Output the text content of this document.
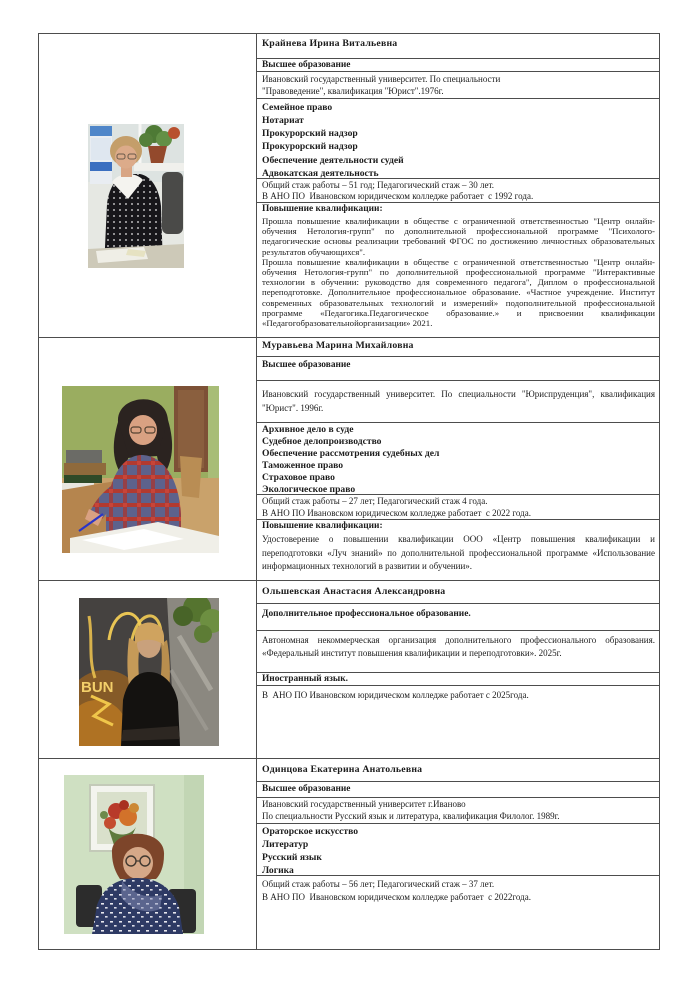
Крайнева Ирина Витальевна
Высшее образование
Ивановский государственный университет. По специальности
"Правоведение", квалификация "Юрист".1976г.
Семейное право
Нотариат
Прокурорский надзор
Прокурорский надзор
Обеспечение деятельности судей
Адвокатская деятельность
Общий стаж работы – 51 год; Педагогический стаж – 30 лет.
В АНО ПО  Ивановском юридическом колледже работает  с 1992 года.
Повышение квалификации:

Прошла повышение квалификации в обществе с ограниченной ответственностью "Центр онлайн-обучения Нетология-групп" по дополнительной профессиональной программе "Психолого-педагогические основы реализации требований ФГОС по достижению личностных образовательных результатов обучающихся".

Прошла повышение квалификации в обществе с ограниченной ответственностью "Центр онлайн-обучения Нетология-групп" по дополнительной профессиональной программе "Интерактивные технологии в обучении: руководство для современного педагога", Диплом о профессиональной переподготовке. Дополнительное профессиональное образование. «Частное учреждение. Институт современных образовательных технологий и измерений» подополнительной профессиональной программе «Педагогика.Педагогическое образование.» и присвоении квалификации «Педагогобразовательнойорганизации» 2021.

Муравьева Марина Михайловна
Высшее образование
Ивановский государственный университет. По специальности "Юриспруденция", квалификация "Юрист". 1996г.
Архивное дело в суде
Судебное делопроизводство
Обеспечение рассмотрения судебных дел
Таможенное право
Страховое право
Экологическое право
Общий стаж работы – 27 лет; Педагогический стаж 4 года.
В АНО ПО Ивановском юридическом колледже работает  с 2022 года.
Повышение квалификации:

Удостоверение о повышении квалификации ООО «Центр повышения квалификации и переподготовки «Луч знаний» по дополнительной профессиональной программе «Использование информационных технологий в развитии и обучении».

BUN
Ольшевская Анастасия Александровна
Дополнительное профессиональное образование.
Автономная некоммерческая организация дополнительного профессионального образования. «Федеральный институт повышения квалификации и переподготовки». 2025г.
Иностранный язык.
В  АНО ПО Ивановском юридическом колледже работает с 2025года.
Одинцова Екатерина Анатольевна
Высшее образование
Ивановский государственный университет г.Иваново
По специальности Русский язык и литература, квалификация Филолог. 1989г.
Ораторское искусство
Литератур
Русский язык
Логика
Общий стаж работы – 56 лет; Педагогический стаж – 37 лет.
В АНО ПО  Ивановском юридическом колледже работает  с 2022года.
